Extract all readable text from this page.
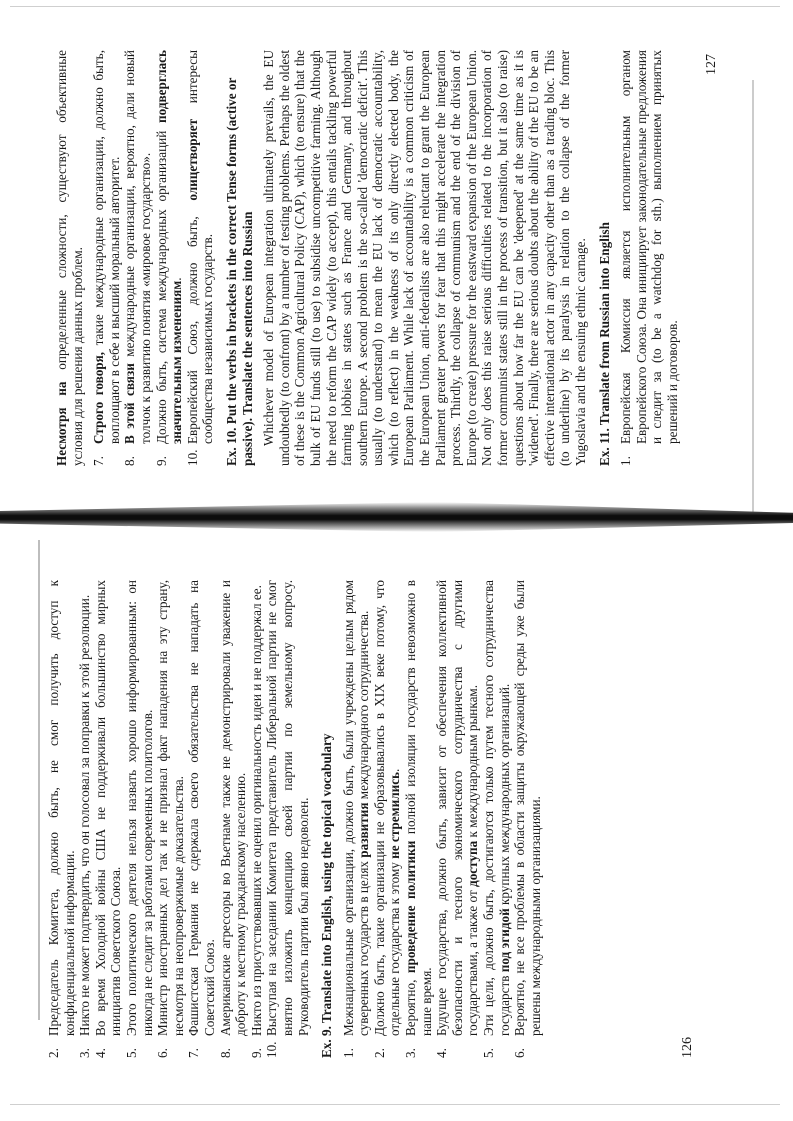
2.
Председатель Комитета, должно быть, не смог получить доступ к конфиденциальной информации.
3.
Никто не может подтвердить, что он голосовал за поправки к этой резолюции.
4.
Во время Холодной войны США не поддерживали большинство мирных инициатив Советского Союза.
5.
Этого политического деятеля нельзя назвать хорошо информированным: он никогда не следит за работами современных политологов.
6.
Министр иностранных дел так и не признал факт нападения на эту страну, несмотря на неопровержимые доказательства.
7.
Фашистская Германия не сдержала своего обязательства не нападать на Советский Союз.
8.
Американские агрессоры во Вьетнаме также не демонстрировали уважение и доброту к местному гражданскому населению.
9.
Никто из присутствовавших не оценил оригинальность идеи и не поддержал ее.
10.
Выступая на заседании Комитета представитель Либеральной партии не смог внятно изложить концепцию своей партии по земельному вопросу. Руководитель партии был явно недоволен. Ex. 9. Translate into English, using the topical vocabulary 1.
Межнациональные организации, должно быть, были учреждены целым рядом суверенных государств в целях развития международного сотрудничества.
2.
Должно быть, такие организации не образовывались в XIX веке потому, что отдельные государства к этому не стремились.
3.
Вероятно, проведение политики полной изоляции государств невозможно в наше время.
4.
Будущее государства, должно быть, зависит от обеспечения коллективной безопасности и тесного экономического сотрудничества с другими государствами, а также от доступа к международным рынкам.
5.
Эти цели, должно быть, достигаются только путем тесного сотрудничества государств под эгидой крупных международных организаций.
6.
Вероятно, не все проблемы в области защиты окружающей среды уже были решены международными организациями.
126
Несмотря на определенные сложности, существуют объективные условия для решения данных проблем. 7.
Строго говоря, такие международные организации, должно быть, воплощают в себе и высший моральный авторитет.
8.
В этой связи международные организации, вероятно, дали новый толчок к развитию понятия «мировое государство».
9.
Должно быть, система международных организаций подверглась значительным изменениям.
10.
Европейский Союз, должно быть, олицетворяет интересы сообщества независимых государств. Ex. 10. Put the verbs in brackets in the correct Tense forms (active or passive). Translate the sentences into Russian Whichever model of European integration ultimately prevails, the EU undoubtedly (to confront) by a number of testing problems. Perhaps the oldest of these is the Common Agricultural Policy (CAP), which (to ensure) that the bulk of EU funds still (to use) to subsidise uncompetitive farming. Although the need to reform the CAP widely (to accept), this entails tackling powerful farming lobbies in states such as France and Germany, and throughout southern Europe. A second problem is the so-called 'democratic deficit'. This usually (to understand) to mean the EU lack of democratic accountability, which (to reflect) in the weakness of its only directly elected body, the European Parliament. While lack of accountability is a common criticism of the European Union, anti-federalists are also reluctant to grant the European Parliament greater powers for fear that this might accelerate the integration process. Thirdly, the collapse of communism and the end of the division of Europe (to create) pressure for the eastward expansion of the European Union. Not only does this raise serious difficulties related to the incorporation of former communist states still in the process of transition, but it also (to raise) questions about how far the EU can be 'deepened' at the same time as it is 'widened'. Finally, there are serious doubts about the ability of the EU to be an effective international actor in any capacity other than as a trading bloc. This (to underline) by its paralysis in relation to the collapse of the former Yugoslavia and the ensuing ethnic carnage. Ex. 11. Translate from Russian into English 1.
Европейская Комиссия является исполнительным органом Европейского Союза. Она инициирует законодательные предложения и следит за (to be a watchdog for sth.) выполнением принятых решений и договоров.
127
